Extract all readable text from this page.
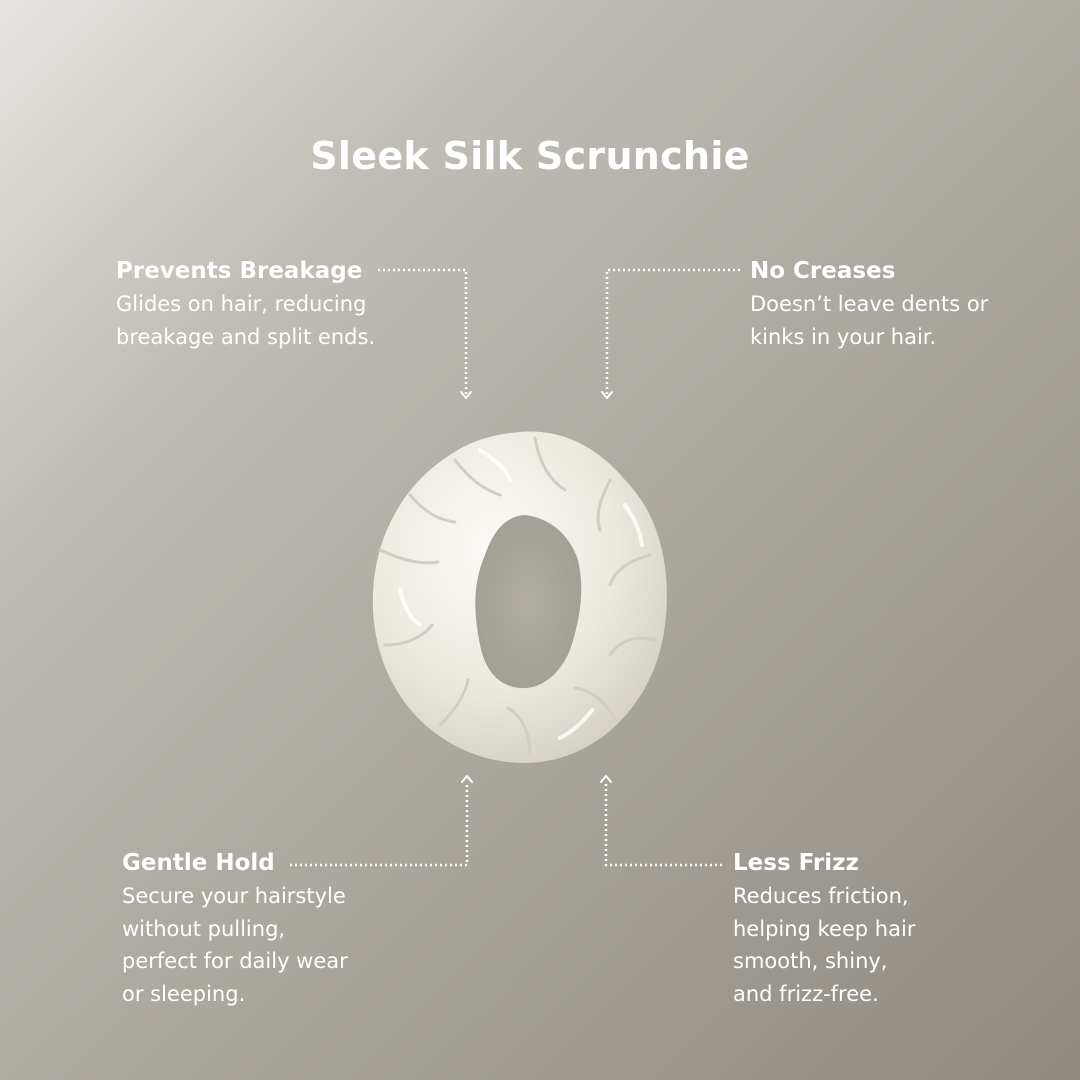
Sleek Silk Scrunchie
Prevents Breakage

Glides on hair, reducing
breakage and split ends.

No Creases

Doesn’t leave dents or
kinks in your hair.

Gentle Hold

Secure your hairstyle
without pulling,
perfect for daily wear
or sleeping.

Less Frizz

Reduces friction,
helping keep hair
smooth, shiny,
and frizz-free.
